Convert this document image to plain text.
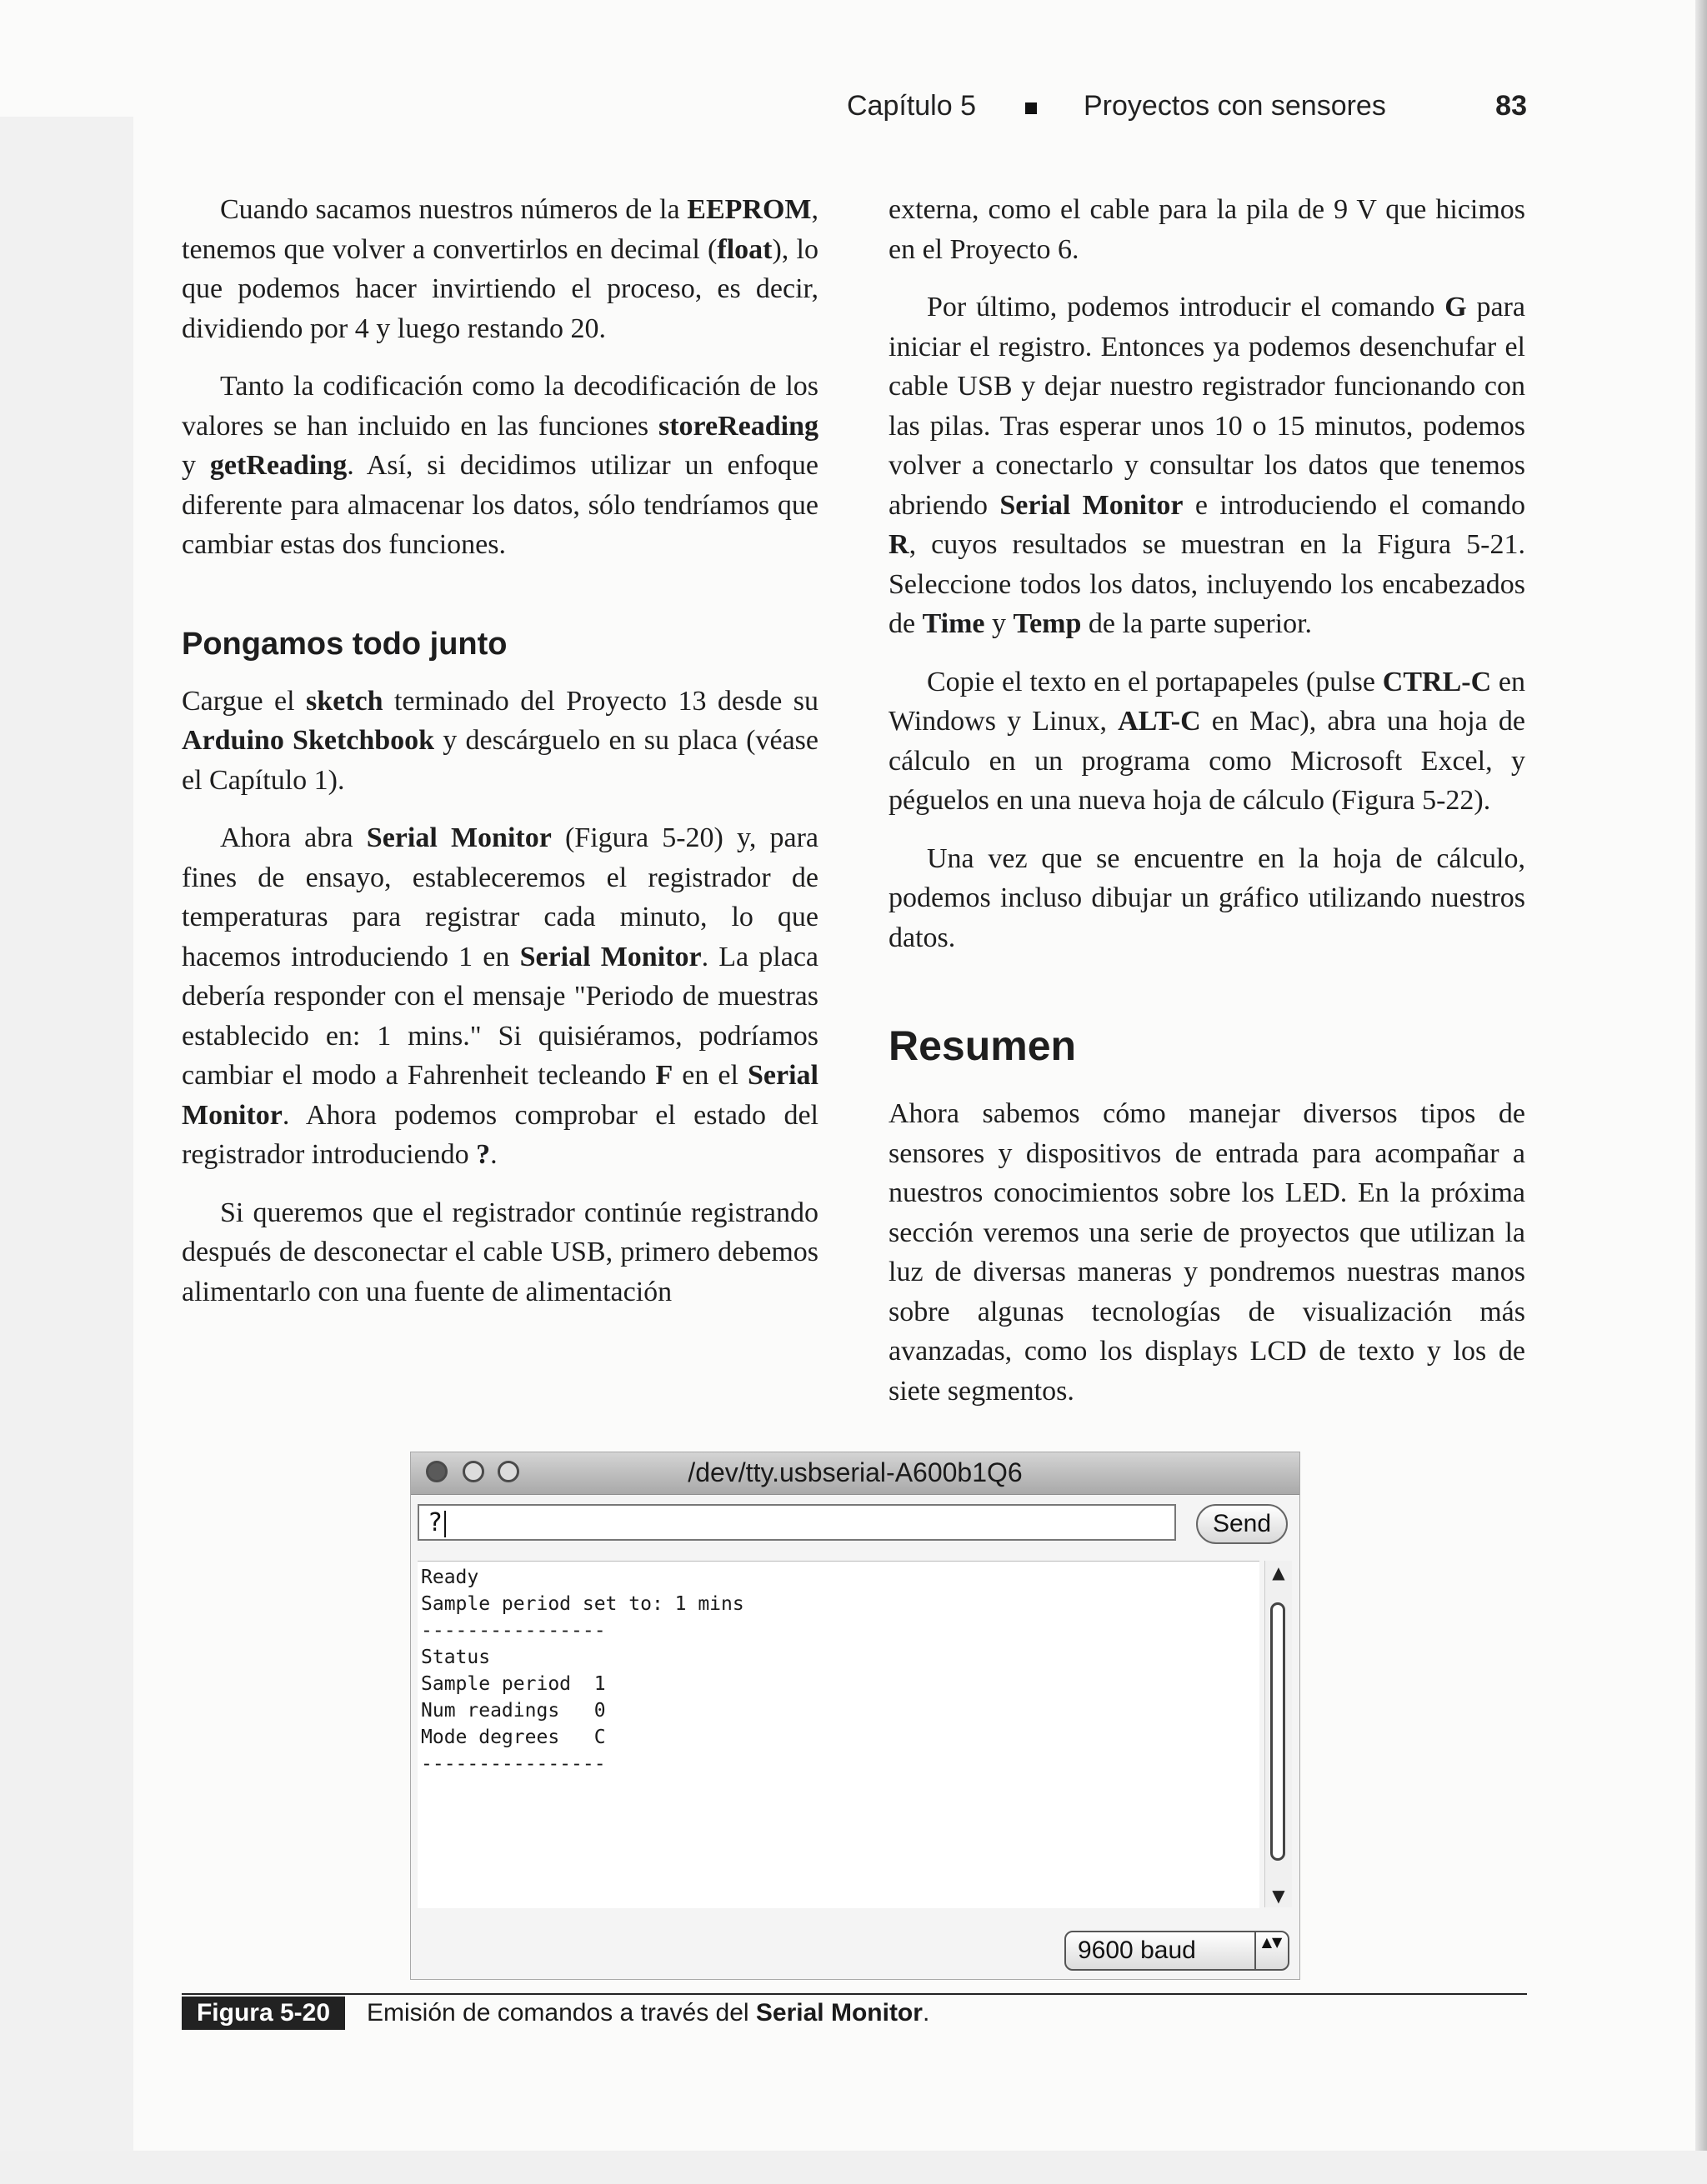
Capítulo 5	Proyectos con sensores	83

Cuando sacamos nuestros números de la EEPROM, tenemos que volver a convertirlos en decimal (float), lo que podemos hacer invirtiendo el proceso, es decir, dividiendo por 4 y luego restando 20.

Tanto la codificación como la decodificación de los valores se han incluido en las funciones storeReading y getReading. Así, si decidimos utilizar un enfoque diferente para almacenar los datos, sólo tendríamos que cambiar estas dos funciones.

Pongamos todo junto

Cargue el sketch terminado del Proyecto 13 desde su Arduino Sketchbook y descárguelo en su placa (véase el Capítulo 1).

Ahora abra Serial Monitor (Figura 5-20) y, para fines de ensayo, estableceremos el registrador de temperaturas para registrar cada minuto, lo que hacemos introduciendo 1 en Serial Monitor. La placa debería responder con el mensaje "Periodo de muestras establecido en: 1 mins." Si quisiéramos, podríamos cambiar el modo a Fahrenheit tecleando F en el Serial Monitor. Ahora podemos comprobar el estado del registrador introduciendo ?.

Si queremos que el registrador continúe registrando después de desconectar el cable USB, primero debemos alimentarlo con una fuente de alimentación

externa, como el cable para la pila de 9 V que hicimos en el Proyecto 6.

Por último, podemos introducir el comando G para iniciar el registro. Entonces ya podemos desenchufar el cable USB y dejar nuestro registrador funcionando con las pilas. Tras esperar unos 10 o 15 minutos, podemos volver a conectarlo y consultar los datos que tenemos abriendo Serial Monitor e introduciendo el comando R, cuyos resultados se muestran en la Figura 5-21. Seleccione todos los datos, incluyendo los encabezados de Time y Temp de la parte superior.

Copie el texto en el portapapeles (pulse CTRL-C en Windows y Linux, ALT-C en Mac), abra una hoja de cálculo en un programa como Microsoft Excel, y péguelos en una nueva hoja de cálculo (Figura 5-22).

Una vez que se encuentre en la hoja de cálculo, podemos incluso dibujar un gráfico utilizando nuestros datos.

Resumen

Ahora sabemos cómo manejar diversos tipos de sensores y dispositivos de entrada para acompañar a nuestros conocimientos sobre los LED. En la próxima sección veremos una serie de proyectos que utilizan la luz de diversas maneras y pondremos nuestras manos sobre algunas tecnologías de visualización más avanzadas, como los displays LCD de texto y los de siete segmentos.

/dev/tty.usbserial-A600b1Q6
?	Send
Ready
Sample period set to: 1 mins
----------------
Status
Sample period  1
Num readings   0
Mode degrees   C
----------------
▲
▼
9600 baud	▲▼
Figura 5-20	Emisión de comandos a través del Serial Monitor.
